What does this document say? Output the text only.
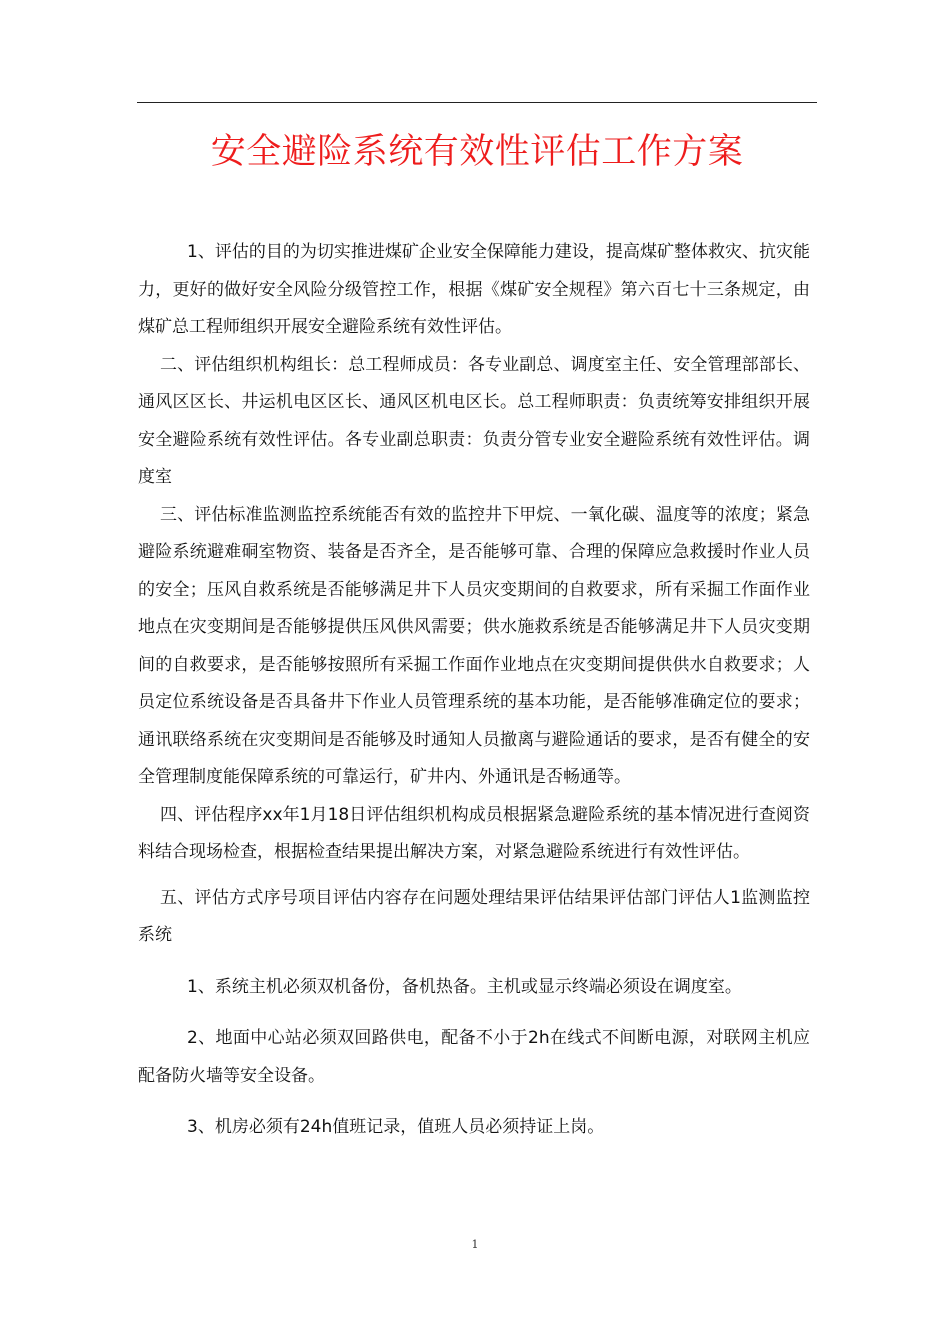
安全避险系统有效性评估工作方案

1、评估的目的为切实推进煤矿企业安全保障能力建设，提高煤矿整体救灾、抗灾能力，更好的做好安全风险分级管控工作，根据《煤矿安全规程》第六百七十三条规定，由煤矿总工程师组织开展安全避险系统有效性评估。

二、评估组织机构组长：总工程师成员：各专业副总、调度室主任、安全管理部部长、通风区区长、井运机电区区长、通风区机电区长。总工程师职责：负责统筹安排组织开展安全避险系统有效性评估。各专业副总职责：负责分管专业安全避险系统有效性评估。调度室

三、评估标准监测监控系统能否有效的监控井下甲烷、一氧化碳、温度等的浓度；紧急避险系统避难硐室物资、装备是否齐全，是否能够可靠、合理的保障应急救援时作业人员的安全；压风自救系统是否能够满足井下人员灾变期间的自救要求，所有采掘工作面作业地点在灾变期间是否能够提供压风供风需要；供水施救系统是否能够满足井下人员灾变期间的自救要求，是否能够按照所有采掘工作面作业地点在灾变期间提供供水自救要求；人员定位系统设备是否具备井下作业人员管理系统的基本功能，是否能够准确定位的要求；通讯联络系统在灾变期间是否能够及时通知人员撤离与避险通话的要求，是否有健全的安全管理制度能保障系统的可靠运行，矿井内、外通讯是否畅通等。

四、评估程序xx年1月18日评估组织机构成员根据紧急避险系统的基本情况进行查阅资料结合现场检查，根据检查结果提出解决方案，对紧急避险系统进行有效性评估。

五、评估方式序号项目评估内容存在问题处理结果评估结果评估部门评估人1监测监控系统

1、系统主机必须双机备份，备机热备。主机或显示终端必须设在调度室。

2、地面中心站必须双回路供电，配备不小于2h在线式不间断电源，对联网主机应配备防火墙等安全设备。

3、机房必须有24h值班记录，值班人员必须持证上岗。

1
